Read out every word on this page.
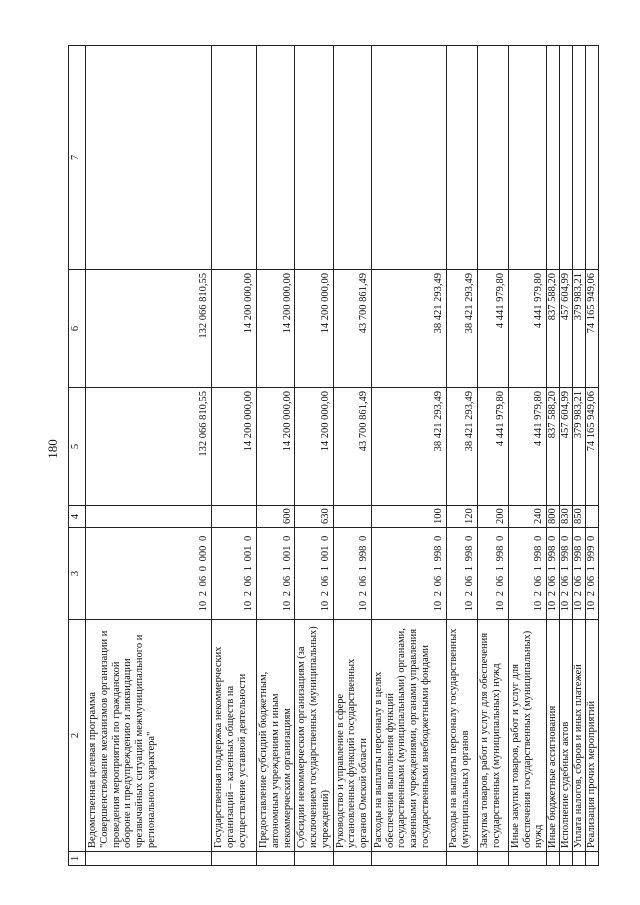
180
1	2	3	4	5	6	7
	Ведомственная целевая программа "Совершенствование механизмов организации и проведения мероприятий по гражданской обороне и предупреждению и ликвидации чрезвычайных ситуаций межмуниципального и регионального характера"	10 2 06 0 000 0		132 066 810,55	132 066 810,55	
	Государственная поддержка некоммерческих организаций – казенных обществ на осуществление уставной деятельности	10 2 06 1 001 0		14 200 000,00	14 200 000,00	
	Предоставление субсидий бюджетным, автономным учреждениям и иным некоммерческим организациям	10 2 06 1 001 0	600	14 200 000,00	14 200 000,00	
	Субсидии некоммерческим организациям (за исключением государственных (муниципальных) учреждений)	10 2 06 1 001 0	630	14 200 000,00	14 200 000,00	
	Руководство и управление в сфере установленных функций государственных органов Омской области	10 2 06 1 998 0		43 700 861,49	43 700 861,49	
	Расходы на выплаты персоналу в целях обеспечения выполнения функций государственными (муниципальными) органами, казенными учреждениями, органами управления государственными внебюджетными фондами	10 2 06 1 998 0	100	38 421 293,49	38 421 293,49	
	Расходы на выплаты персоналу государственных (муниципальных) органов	10 2 06 1 998 0	120	38 421 293,49	38 421 293,49	
	Закупка товаров, работ и услуг для обеспечения государственных (муниципальных) нужд	10 2 06 1 998 0	200	4 441 979,80	4 441 979,80	
	Иные закупки товаров, работ и услуг для обеспечения государственных (муниципальных) нужд	10 2 06 1 998 0	240	4 441 979,80	4 441 979,80	
	Иные бюджетные ассигнования	10 2 06 1 998 0	800	837 588,20	837 588,20	
	Исполнение судебных актов	10 2 06 1 998 0	830	457 604,99	457 604,99	
	Уплата налогов, сборов и иных платежей	10 2 06 1 998 0	850	379 983,21	379 983,21	
	Реализация прочих мероприятий	10 2 06 1 999 0		74 165 949,06	74 165 949,06	
